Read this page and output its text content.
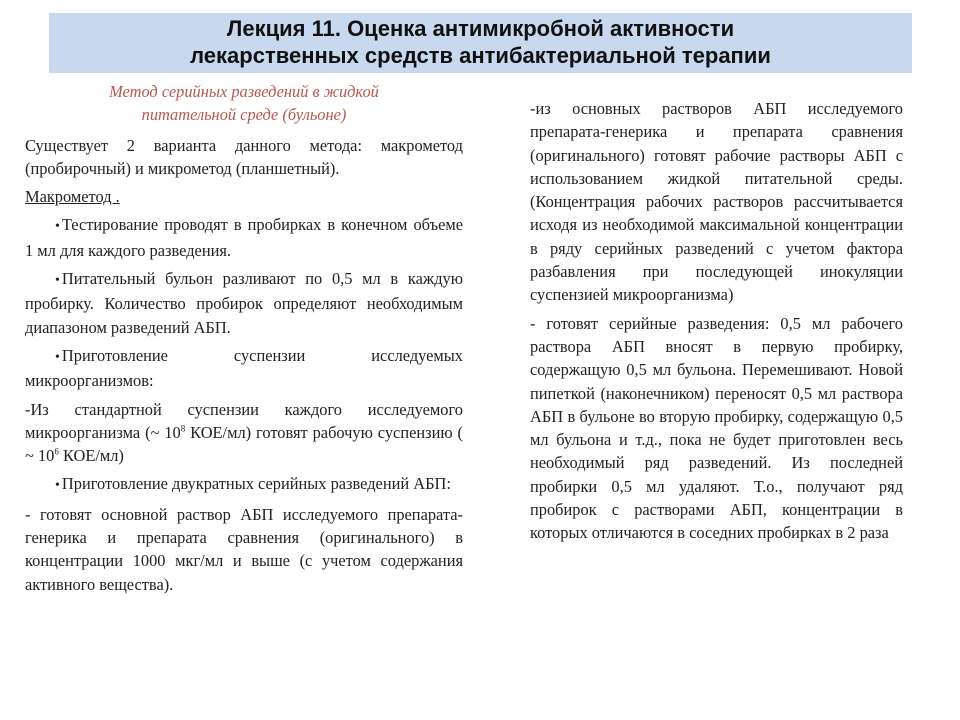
Лекция 11. Оценка антимикробной активности
лекарственных средств антибактериальной терапии

Метод серийных разведений в жидкой
питательной среде (бульоне)

Существует 2 варианта данного метода: макрометод (пробирочный) и микрометод (планшетный).

Макрометод .

• Тестирование проводят в пробирках в конечном объеме 1 мл для каждого разведения.

• Питательный бульон разливают по 0,5 мл в каждую пробирку. Количество пробирок определяют необходимым диапазоном разведений АБП.

• Приготовление суспензии исследуемых микроорганизмов:

-Из стандартной суспензии каждого исследуемого микроорганизма (~ $10^8$ КОЕ/мл) готовят рабочую суспензию ( ~ $10^6$ КОЕ/мл)

• Приготовление двукратных серийных разведений АБП:

- готовят основной раствор АБП исследуемого препарата-генерика и препарата сравнения (оригинального) в концентрации 1000 мкг/мл и выше (с учетом содержания активного вещества).

-из основных растворов АБП исследуемого препарата-генерика и препарата сравнения (оригинального) готовят рабочие растворы АБП с использованием жидкой питательной среды. (Концентрация рабочих растворов рассчитывается исходя из необходимой максимальной концентрации в ряду серийных разведений с учетом фактора разбавления при последующей инокуляции суспензией микроорганизма)

- готовят серийные разведения: 0,5 мл рабочего раствора АБП вносят в первую пробирку, содержащую 0,5 мл бульона. Перемешивают. Новой пипеткой (наконечником) переносят 0,5 мл раствора АБП в бульоне во вторую пробирку, содержащую 0,5 мл бульона и т.д., пока не будет приготовлен весь необходимый ряд разведений. Из последней пробирки 0,5 мл удаляют. Т.о., получают ряд пробирок с растворами АБП, концентрации в которых отличаются в соседних пробирках в 2 раза
